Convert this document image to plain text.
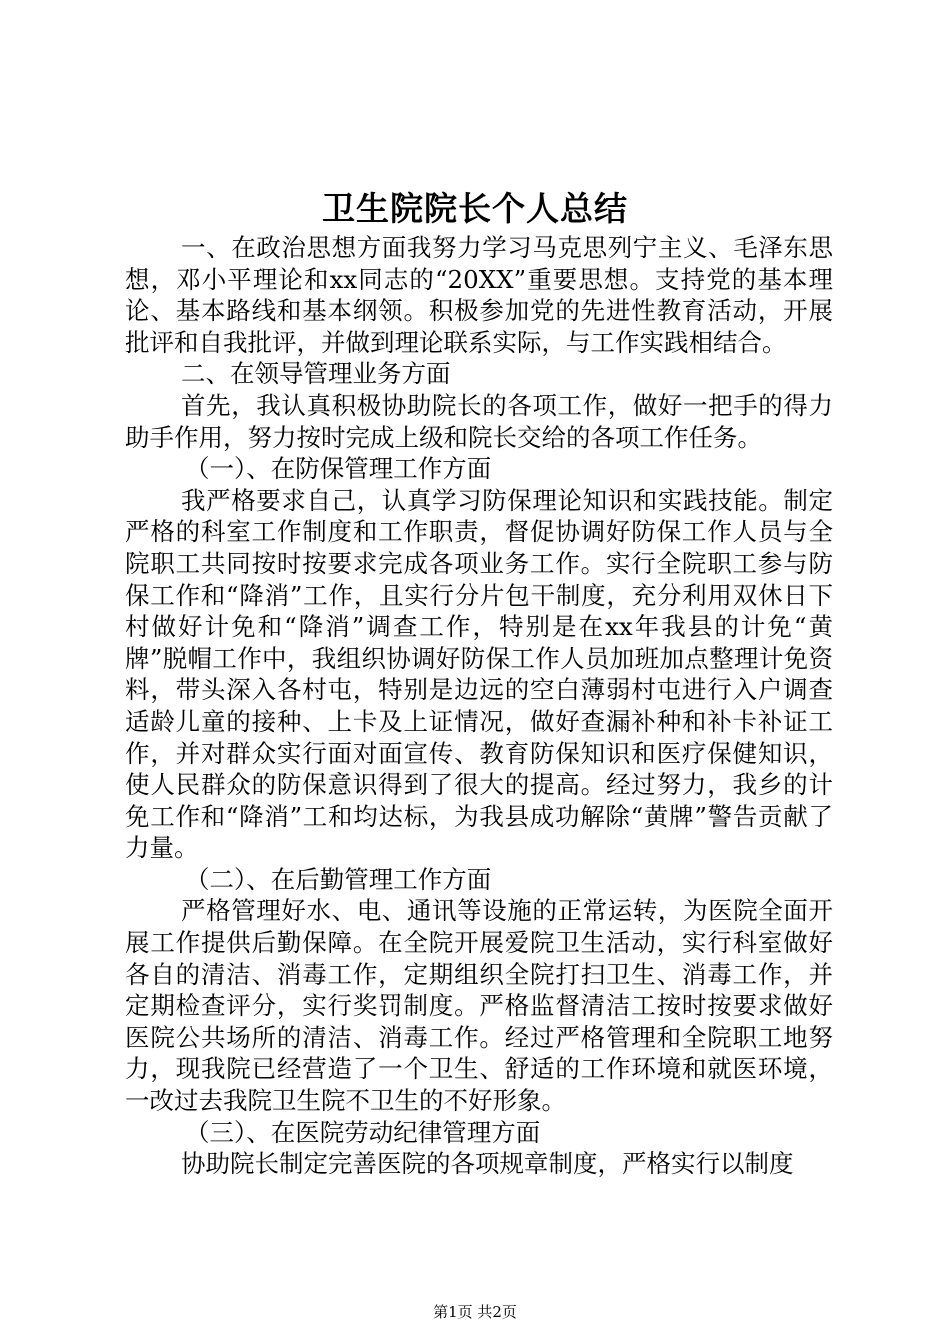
卫生院院长个人总结

一、在政治思想方面我努力学习马克思列宁主义、毛泽东思想，邓小平理论和xx同志的“20XX”重要思想。支持党的基本理论、基本路线和基本纲领。积极参加党的先进性教育活动，开展批评和自我批评，并做到理论联系实际，与工作实践相结合。

二、在领导管理业务方面

首先，我认真积极协助院长的各项工作，做好一把手的得力助手作用，努力按时完成上级和院长交给的各项工作任务。

（一）、在防保管理工作方面

我严格要求自己，认真学习防保理论知识和实践技能。制定严格的科室工作制度和工作职责，督促协调好防保工作人员与全院职工共同按时按要求完成各项业务工作。实行全院职工参与防保工作和“降消”工作，且实行分片包干制度，充分利用双休日下村做好计免和“降消”调查工作，特别是在xx年我县的计免“黄牌”脱帽工作中，我组织协调好防保工作人员加班加点整理计免资料，带头深入各村屯，特别是边远的空白薄弱村屯进行入户调查适龄儿童的接种、上卡及上证情况，做好查漏补种和补卡补证工作，并对群众实行面对面宣传、教育防保知识和医疗保健知识，使人民群众的防保意识得到了很大的提高。经过努力，我乡的计免工作和“降消”工和均达标，为我县成功解除“黄牌”警告贡献了力量。

（二）、在后勤管理工作方面

严格管理好水、电、通讯等设施的正常运转，为医院全面开展工作提供后勤保障。在全院开展爱院卫生活动，实行科室做好各自的清洁、消毒工作，定期组织全院打扫卫生、消毒工作，并定期检查评分，实行奖罚制度。严格监督清洁工按时按要求做好医院公共场所的清洁、消毒工作。经过严格管理和全院职工地努力，现我院已经营造了一个卫生、舒适的工作环境和就医环境，一改过去我院卫生院不卫生的不好形象。

（三）、在医院劳动纪律管理方面

协助院长制定完善医院的各项规章制度，严格实行以制度

第1页 共2页
